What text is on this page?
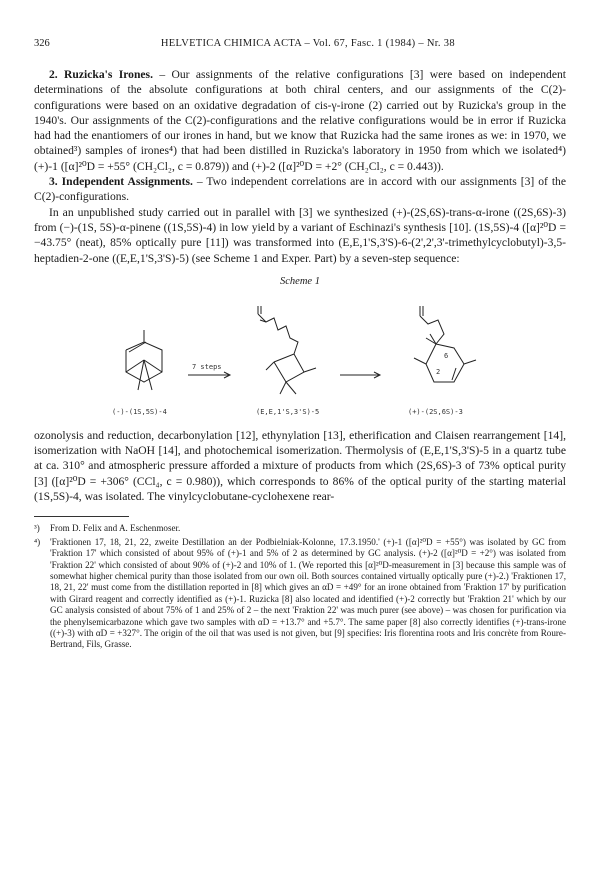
326	HELVETICA CHIMICA ACTA – Vol. 67, Fasc. 1 (1984) – Nr. 38

2. Ruzicka's Irones. – Our assignments of the relative configurations [3] were based on independent determinations of the absolute configurations at both chiral centers, and our assignments of the C(2)-configurations were based on an oxidative degradation of cis-γ-irone (2) carried out by Ruzicka's group in the 1940's. Our assignments of the C(2)-configurations and the relative configurations would be in error if Ruzicka had had the enantiomers of our irones in hand, but we know that Ruzicka had the same irones as we: in 1970, we obtained³) samples of irones⁴) that had been distilled in Ruzicka's laboratory in 1950 from which we isolated⁴) (+)-1 ([α]²⁰D = +55° (CH₂Cl₂, c = 0.879)) and (+)-2 ([α]²⁰D = +2° (CH₂Cl₂, c = 0.443)).

3. Independent Assignments. – Two independent correlations are in accord with our assignments [3] of the C(2)-configurations.

In an unpublished study carried out in parallel with [3] we synthesized (+)-(2S,6S)-trans-α-irone ((2S,6S)-3) from (−)-(1S, 5S)-α-pinene ((1S,5S)-4) in low yield by a variant of Eschinazi's synthesis [10]. (1S,5S)-4 ([α]²⁰D = −43.75° (neat), 85% optically pure [11]) was transformed into (E,E,1'S,3'S)-6-(2',2',3'-trimethylcyclobutyl)-3,5-heptadien-2-one ((E,E,1'S,3'S)-5) (see Scheme 1 and Exper. Part) by a seven-step sequence:

Scheme 1
6
2
7 steps
(-)-(1S,5S)-4	(E,E,1'S,3'S)-5	(+)-(2S,6S)-3

ozonolysis and reduction, decarbonylation [12], ethynylation [13], etherification and Claisen rearrangement [14], isomerization with NaOH [14], and photochemical isomerization. Thermolysis of (E,E,1'S,3'S)-5 in a quartz tube at ca. 310° and atmospheric pressure afforded a mixture of products from which (2S,6S)-3 of 73% optical purity [3] ([α]²⁰D = +306° (CCl₄, c = 0.980)), which corresponds to 86% of the optical purity of the starting material (1S,5S)-4, was isolated. The vinylcyclobutane-cyclohexene rear-

³)	From D. Felix and A. Eschenmoser.
⁴)	'Fraktionen 17, 18, 21, 22, zweite Destillation an der Podbielniak-Kolonne, 17.3.1950.' (+)-1 ([α]²⁰D = +55°) was isolated by GC from 'Fraktion 17' which consisted of about 95% of (+)-1 and 5% of 2 as determined by GC analysis. (+)-2 ([α]²⁰D = +2°) was isolated from 'Fraktion 22' which consisted of about 90% of (+)-2 and 10% of 1. (We reported this [α]²⁰D-measurement in [3] because this sample was of somewhat higher chemical purity than those isolated from our own oil. Both sources contained virtually optically pure (+)-2.) 'Fraktionen 17, 18, 21, 22' must come from the distillation reported in [8] which gives an αD = +49° for an irone obtained from 'Fraktion 17' by purification with Girard reagent and correctly identified as (+)-1. Ruzicka [8] also located and identified (+)-2 correctly but 'Fraktion 21' which by our GC analysis consisted of about 75% of 1 and 25% of 2 – the next 'Fraktion 22' was much purer (see above) – was chosen for purification via the phenylsemicarbazone which gave two samples with αD = +13.7° and +5.7°. The same paper [8] also correctly identifies (+)-trans-irone ((+)-3) with αD = +327°. The origin of the oil that was used is not given, but [9] specifies: Iris florentina roots and Iris concrète from Roure-Bertrand, Fils, Grasse.
